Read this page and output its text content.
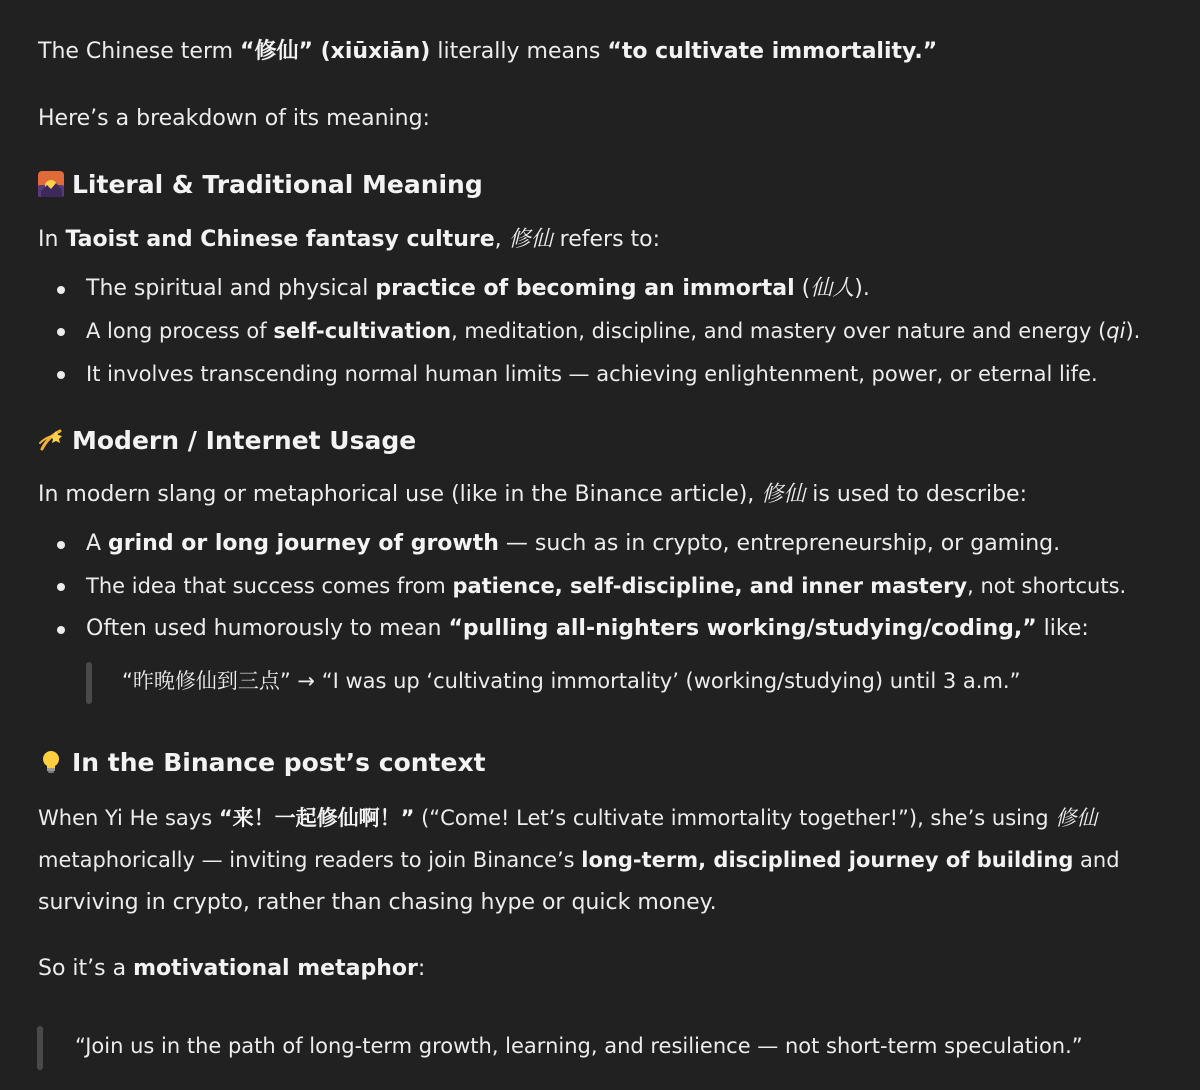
The Chinese term “修仙” (xiūxiān) literally means “to cultivate immortality.”
Here’s a breakdown of its meaning:
Literal & Traditional Meaning
In Taoist and Chinese fantasy culture, 修仙 refers to:
The spiritual and physical practice of becoming an immortal (仙人).
A long process of self-cultivation, meditation, discipline, and mastery over nature and energy (qi).
It involves transcending normal human limits — achieving enlightenment, power, or eternal life.
Modern / Internet Usage
In modern slang or metaphorical use (like in the Binance article), 修仙 is used to describe:
A grind or long journey of growth — such as in crypto, entrepreneurship, or gaming.
The idea that success comes from patience, self-discipline, and inner mastery, not shortcuts.
Often used humorously to mean “pulling all-nighters working/studying/coding,” like:
“昨晚修仙到三点” → “I was up ‘cultivating immortality’ (working/studying) until 3 a.m.”
In the Binance post’s context
When Yi He says “来！一起修仙啊！” (“Come! Let’s cultivate immortality together!”), she’s using 修仙
metaphorically — inviting readers to join Binance’s long-term, disciplined journey of building and
surviving in crypto, rather than chasing hype or quick money.
So it’s a motivational metaphor:
“Join us in the path of long-term growth, learning, and resilience — not short-term speculation.”
